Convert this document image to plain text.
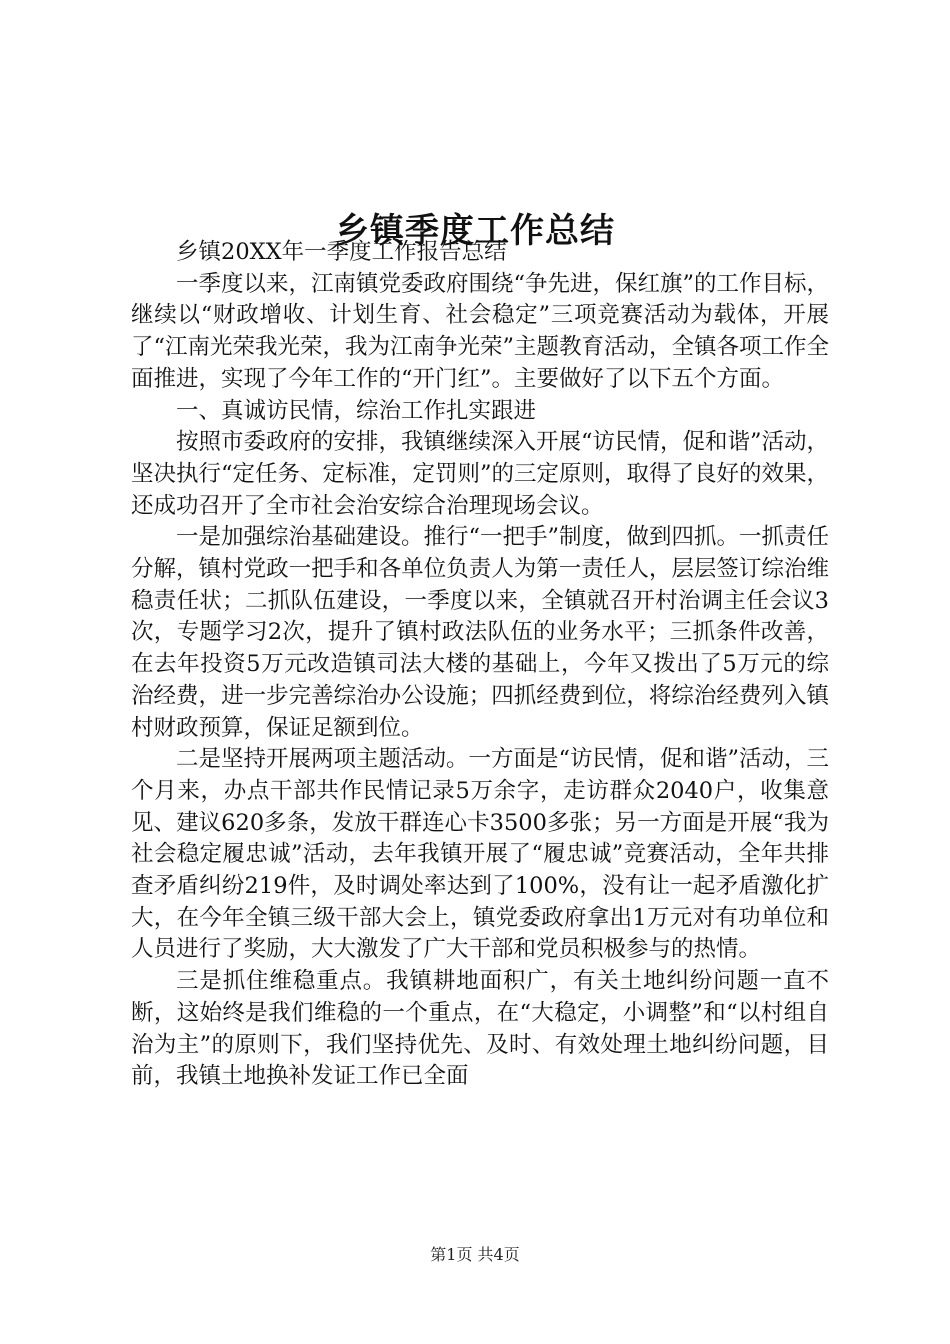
乡镇季度工作总结

乡镇20XX年一季度工作报告总结

一季度以来，江南镇党委政府围绕“争先进，保红旗”的工作目标，继续以“财政增收、计划生育、社会稳定”三项竞赛活动为载体，开展了“江南光荣我光荣，我为江南争光荣”主题教育活动，全镇各项工作全面推进，实现了今年工作的“开门红”。主要做好了以下五个方面。

一、真诚访民情，综治工作扎实跟进

按照市委政府的安排，我镇继续深入开展“访民情，促和谐”活动，坚决执行“定任务、定标准，定罚则”的三定原则，取得了良好的效果，还成功召开了全市社会治安综合治理现场会议。

一是加强综治基础建设。推行“一把手”制度，做到四抓。一抓责任分解，镇村党政一把手和各单位负责人为第一责任人，层层签订综治维稳责任状；二抓队伍建设，一季度以来，全镇就召开村治调主任会议3次，专题学习2次，提升了镇村政法队伍的业务水平；三抓条件改善，在去年投资5万元改造镇司法大楼的基础上，今年又拨出了5万元的综治经费，进一步完善综治办公设施；四抓经费到位，将综治经费列入镇村财政预算，保证足额到位。

二是坚持开展两项主题活动。一方面是“访民情，促和谐”活动，三个月来，办点干部共作民情记录5万余字，走访群众2040户，收集意见、建议620多条，发放干群连心卡3500多张；另一方面是开展“我为社会稳定履忠诚”活动，去年我镇开展了“履忠诚”竞赛活动，全年共排查矛盾纠纷219件，及时调处率达到了100%，没有让一起矛盾激化扩大，在今年全镇三级干部大会上，镇党委政府拿出1万元对有功单位和人员进行了奖励，大大激发了广大干部和党员积极参与的热情。

三是抓住维稳重点。我镇耕地面积广，有关土地纠纷问题一直不断，这始终是我们维稳的一个重点，在“大稳定，小调整”和“以村组自治为主”的原则下，我们坚持优先、及时、有效处理土地纠纷问题，目前，我镇土地换补发证工作已全面

第1页 共4页
